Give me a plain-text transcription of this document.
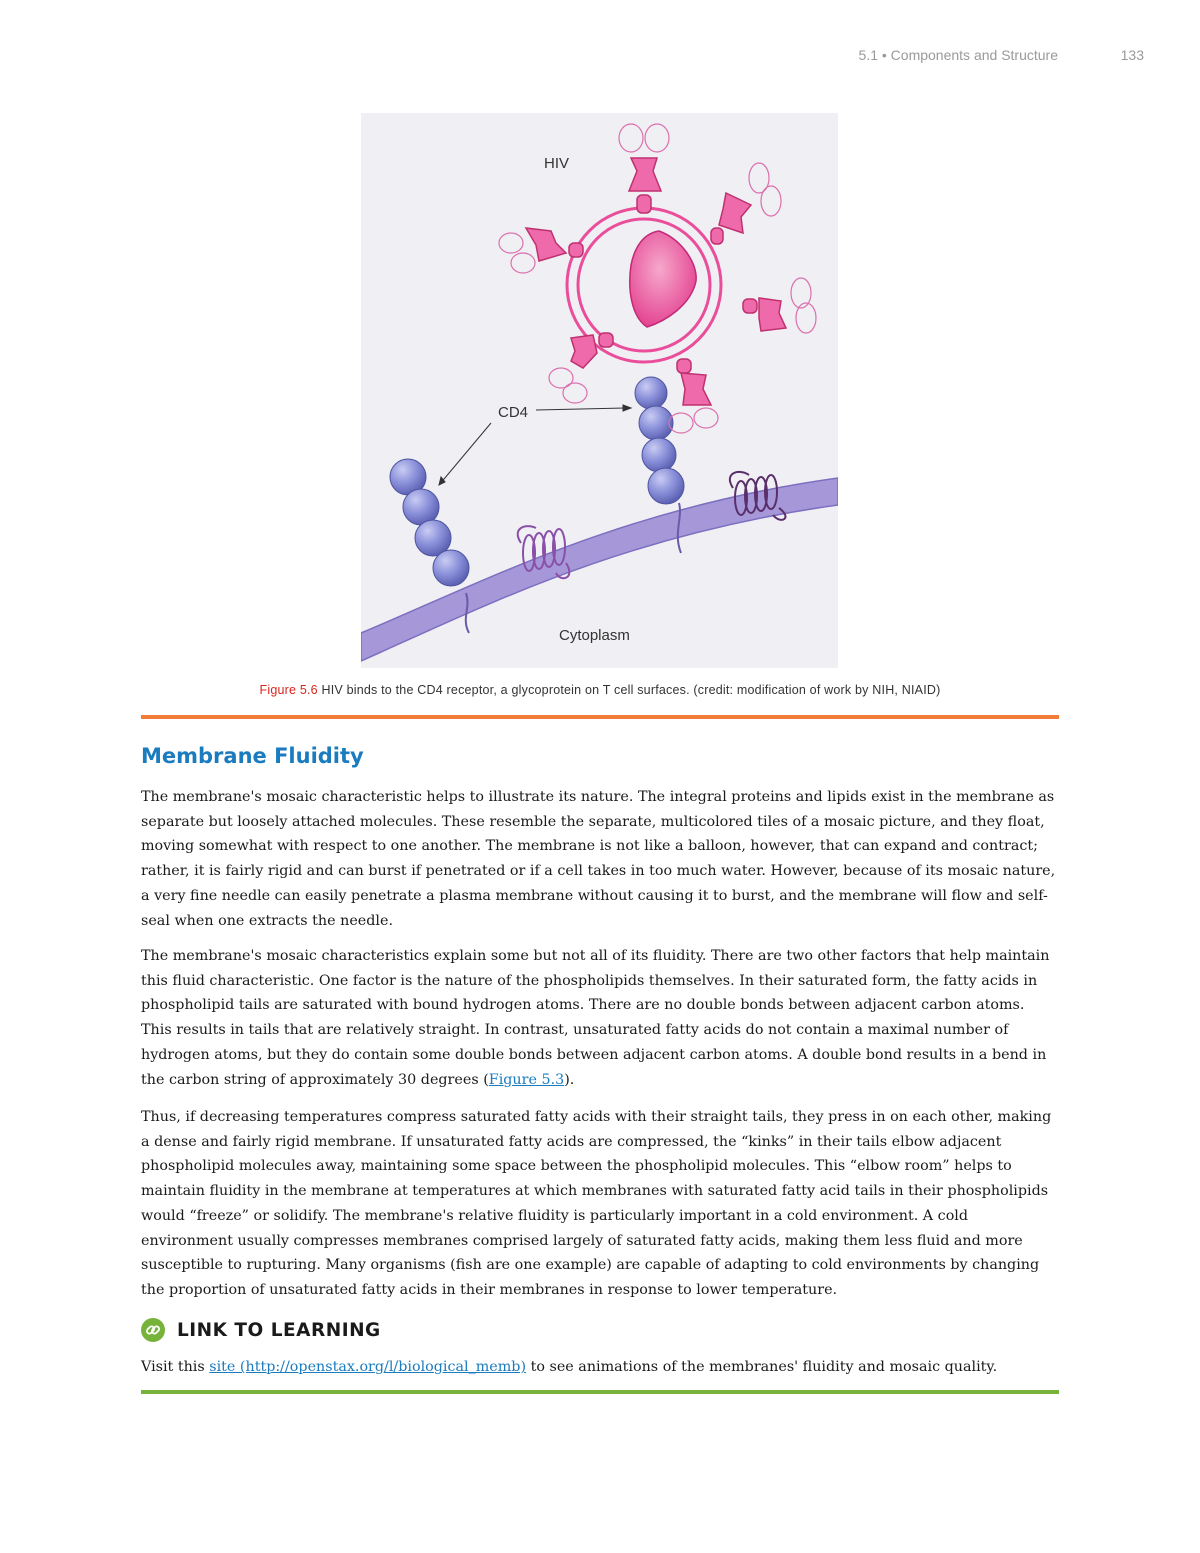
5.1 • Components and Structure	133
HIV
CD4
Cytoplasm
Figure 5.6 HIV binds to the CD4 receptor, a glycoprotein on T cell surfaces. (credit: modification of work by NIH, NIAID)
Membrane Fluidity

The membrane's mosaic characteristic helps to illustrate its nature. The integral proteins and lipids exist in the membrane as separate but loosely attached molecules. These resemble the separate, multicolored tiles of a mosaic picture, and they float, moving somewhat with respect to one another. The membrane is not like a balloon, however, that can expand and contract; rather, it is fairly rigid and can burst if penetrated or if a cell takes in too much water. However, because of its mosaic nature, a very fine needle can easily penetrate a plasma membrane without causing it to burst, and the membrane will flow and self-seal when one extracts the needle.

The membrane's mosaic characteristics explain some but not all of its fluidity. There are two other factors that help maintain this fluid characteristic. One factor is the nature of the phospholipids themselves. In their saturated form, the fatty acids in phospholipid tails are saturated with bound hydrogen atoms. There are no double bonds between adjacent carbon atoms. This results in tails that are relatively straight. In contrast, unsaturated fatty acids do not contain a maximal number of hydrogen atoms, but they do contain some double bonds between adjacent carbon atoms. A double bond results in a bend in the carbon string of approximately 30 degrees (Figure 5.3).

Thus, if decreasing temperatures compress saturated fatty acids with their straight tails, they press in on each other, making a dense and fairly rigid membrane. If unsaturated fatty acids are compressed, the “kinks” in their tails elbow adjacent phospholipid molecules away, maintaining some space between the phospholipid molecules. This “elbow room” helps to maintain fluidity in the membrane at temperatures at which membranes with saturated fatty acid tails in their phospholipids would “freeze” or solidify. The membrane's relative fluidity is particularly important in a cold environment. A cold environment usually compresses membranes comprised largely of saturated fatty acids, making them less fluid and more susceptible to rupturing. Many organisms (fish are one example) are capable of adapting to cold environments by changing the proportion of unsaturated fatty acids in their membranes in response to lower temperature.

LINK TO LEARNING

Visit this site (http://openstax.org/l/biological_memb) to see animations of the membranes' fluidity and mosaic quality.
